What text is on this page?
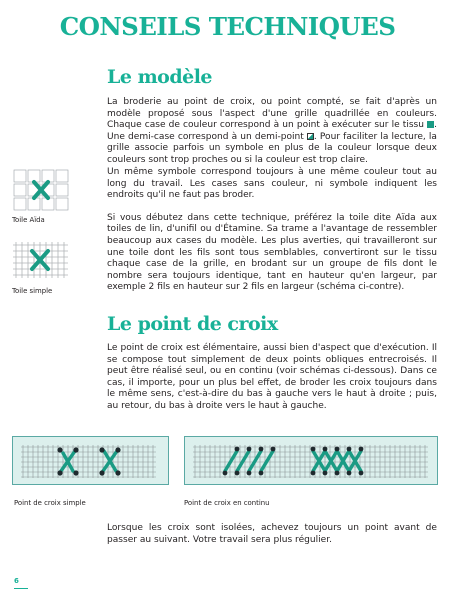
CONSEILS TECHNIQUES
Le modèle

La broderie au point de croix, ou point compté, se fait d'après un modèle proposé sous l'aspect d'une grille quadrillée en couleurs. Chaque case de couleur correspond à un point à exécuter sur le tissu . Une demi-case correspond à un demi-point . Pour faciliter la lecture, la grille associe parfois un symbole en plus de la couleur lorsque deux couleurs sont trop proches ou si la couleur est trop claire.

Un même symbole correspond toujours à une même couleur tout au long du travail. Les cases sans couleur, ni symbole indiquent les endroits qu'il ne faut pas broder.

Si vous débutez dans cette technique, préférez la toile dite Aïda aux toiles de lin, d'unifil ou d'Étamine. Sa trame a l'avantage de ressembler beaucoup aux cases du modèle. Les plus averties, qui travailleront sur une toile dont les fils sont tous semblables, convertiront sur le tissu chaque case de la grille, en brodant sur un groupe de fils dont le nombre sera toujours identique, tant en hauteur qu'en largeur, par exemple 2 fils en hauteur sur 2 fils en largeur (schéma ci-contre).

Toile Aïda
Toile simple
Le point de croix
Le point de croix est élémentaire, aussi bien d'aspect que d'exécution. Il se compose tout simplement de deux points obliques entrecroisés. Il peut être réalisé seul, ou en continu (voir schémas ci-dessous). Dans ce cas, il importe, pour un plus bel effet, de broder les croix toujours dans le même sens, c'est-à-dire du bas à gauche vers le haut à droite ; puis, au retour, du bas à droite vers le haut à gauche.
Point de croix simple	Point de croix en continu
Lorsque les croix sont isolées, achevez toujours un point avant de passer au suivant. Votre travail sera plus régulier.
6
